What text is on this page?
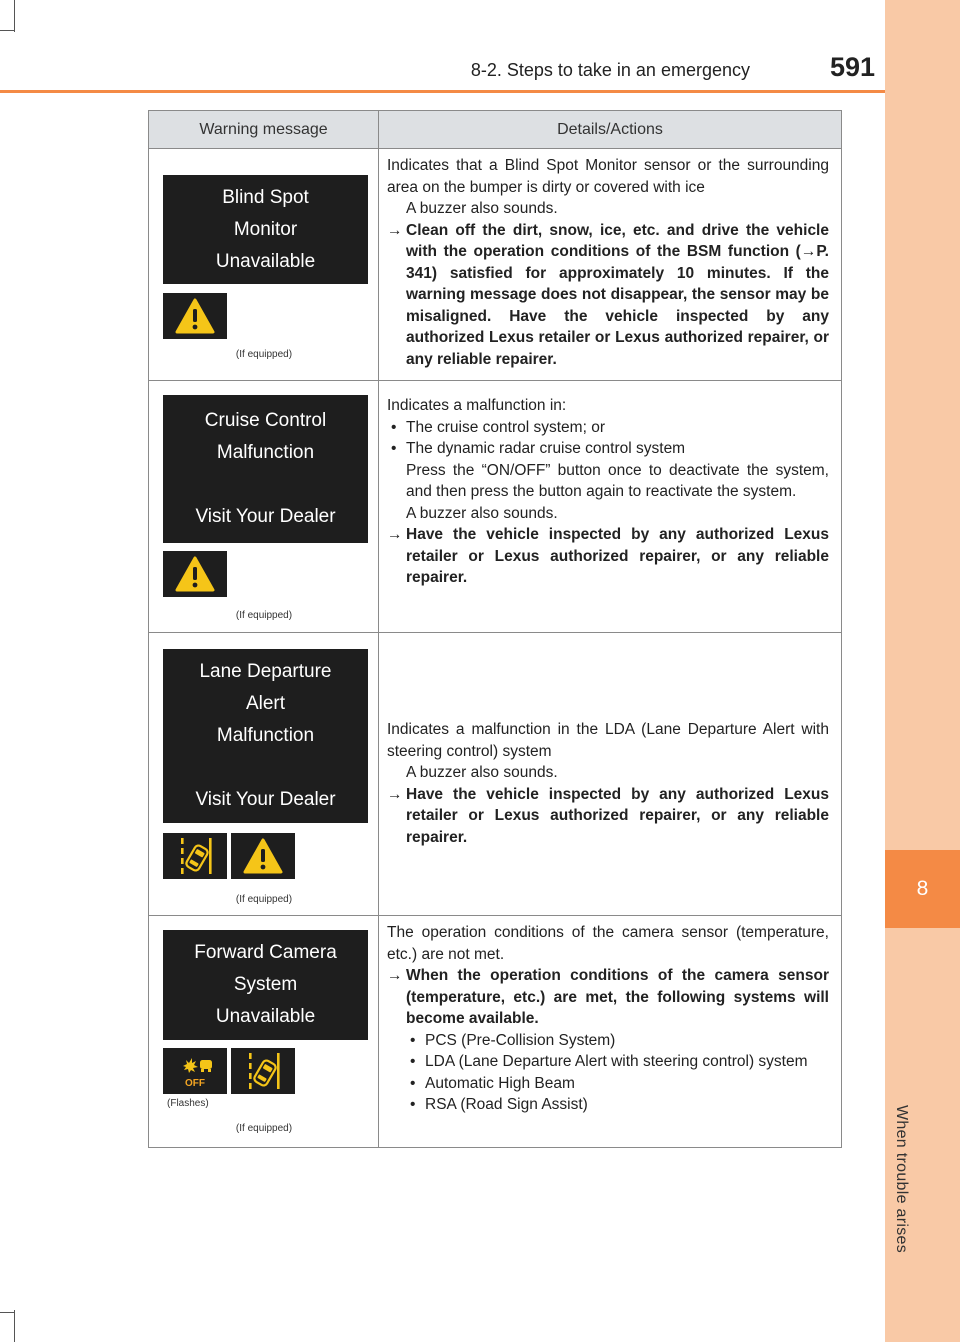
8
When trouble arises
8-2. Steps to take in an emergency	591
Warning message	Details/Actions
Blind Spot
Monitor
Unavailable
(If equipped)
Indicates that a Blind Spot Monitor sensor or the surrounding area on the bumper is dirty or covered with ice
A buzzer also sounds.
→ Clean off the dirt, snow, ice, etc. and drive the vehicle with the operation conditions of the BSM function (→P. 341) satisfied for approximately 10 minutes. If the warning message does not disappear, the sensor may be misaligned. Have the vehicle inspected by any authorized Lexus retailer or Lexus authorized repairer, or any reliable repairer.
Cruise Control
Malfunction
Visit Your Dealer
(If equipped)
Indicates a malfunction in:
• The cruise control system; or
• The dynamic radar cruise control system
Press the “ON/OFF” button once to deactivate the system, and then press the button again to reactivate the system.
A buzzer also sounds.
→ Have the vehicle inspected by any authorized Lexus retailer or Lexus authorized repairer, or any reliable repairer.
Lane Departure
Alert
Malfunction
Visit Your Dealer
(If equipped)
Indicates a malfunction in the LDA (Lane Departure Alert with steering control) system
A buzzer also sounds.
→ Have the vehicle inspected by any authorized Lexus retailer or Lexus authorized repairer, or any reliable repairer.
Forward Camera
System
Unavailable
OFF
(Flashes)
(If equipped)
The operation conditions of the camera sensor (temperature, etc.) are not met.
→ When the operation conditions of the camera sensor (temperature, etc.) are met, the following systems will become available.
• PCS (Pre-Collision System)
• LDA (Lane Departure Alert with steering control) system
• Automatic High Beam
• RSA (Road Sign Assist)
